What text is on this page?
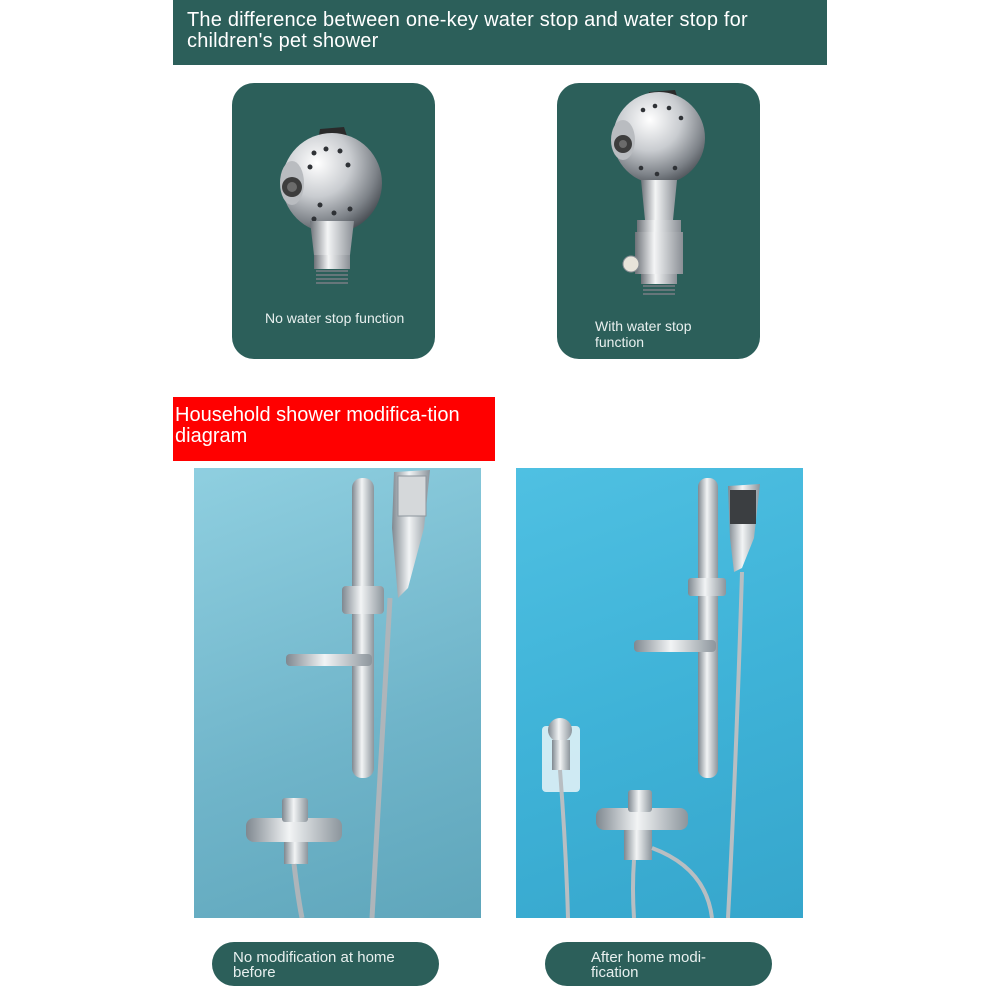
The difference between one-key water stop and water stop for children's pet shower
No water stop function	With water stop function
Household shower modifica-tion diagram
No modification at home before
After home modi-fication
